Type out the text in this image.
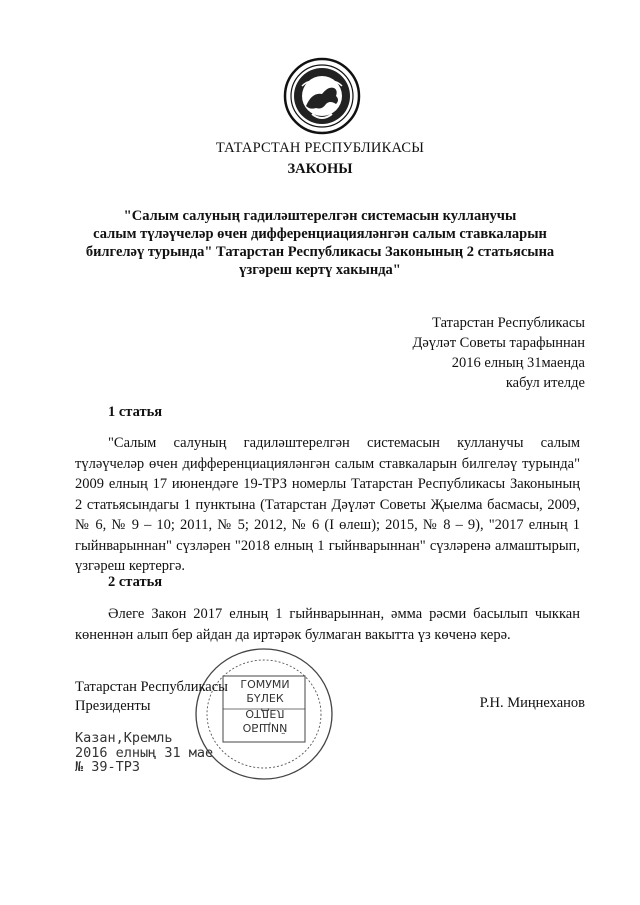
ТАТАРСТАН РЕСПУБЛИКАСЫ
ЗАКОНЫ
"Салым салуның гадиләштерелгән системасын кулланучы
салым түләүчеләр өчен дифференциацияләнгән салым ставкаларын
билгеләү турында" Татарстан Республикасы Законының 2 статьясына
үзгәреш кертү хакында"
Татарстан Республикасы
Дәүләт Советы тарафыннан
2016 елның 31маенда
кабул ителде
1 статья
"Салым салуның гадиләштерелгән системасын кулланучы салым түләүчеләр өчен дифференциацияләнгән салым ставкаларын билгеләү турында" 2009 елның 17 июнендәге 19-ТРЗ номерлы Татарстан Республикасы Законының 2 статьясындагы 1 пунктына (Татарстан Дәүләт Советы Җыелма басмасы, 2009, № 6, № 9 – 10; 2011, № 5; 2012, № 6 (I өлеш); 2015, № 8 – 9), "2017 елның 1 гыйнварыннан" сүзләрен "2018 елның 1 гыйнварыннан" сүзләренә алмаштырып, үзгәреш кертергә.
2 статья
Әлеге Закон 2017 елның 1 гыйнварыннан, әмма рәсми басылып чыккан көненнән алып бер айдан да иртәрәк булмаган вакытта үз көченә керә.
ГОМУМИ
БҮЛЕК
ОТДЕЛ
ОБЩИЙ
Татарстан Республикасы
Президенты	Р.Н. Миңнеханов
Казан,Кремль
2016 елның 31 мае
№ 39-ТРЗ
